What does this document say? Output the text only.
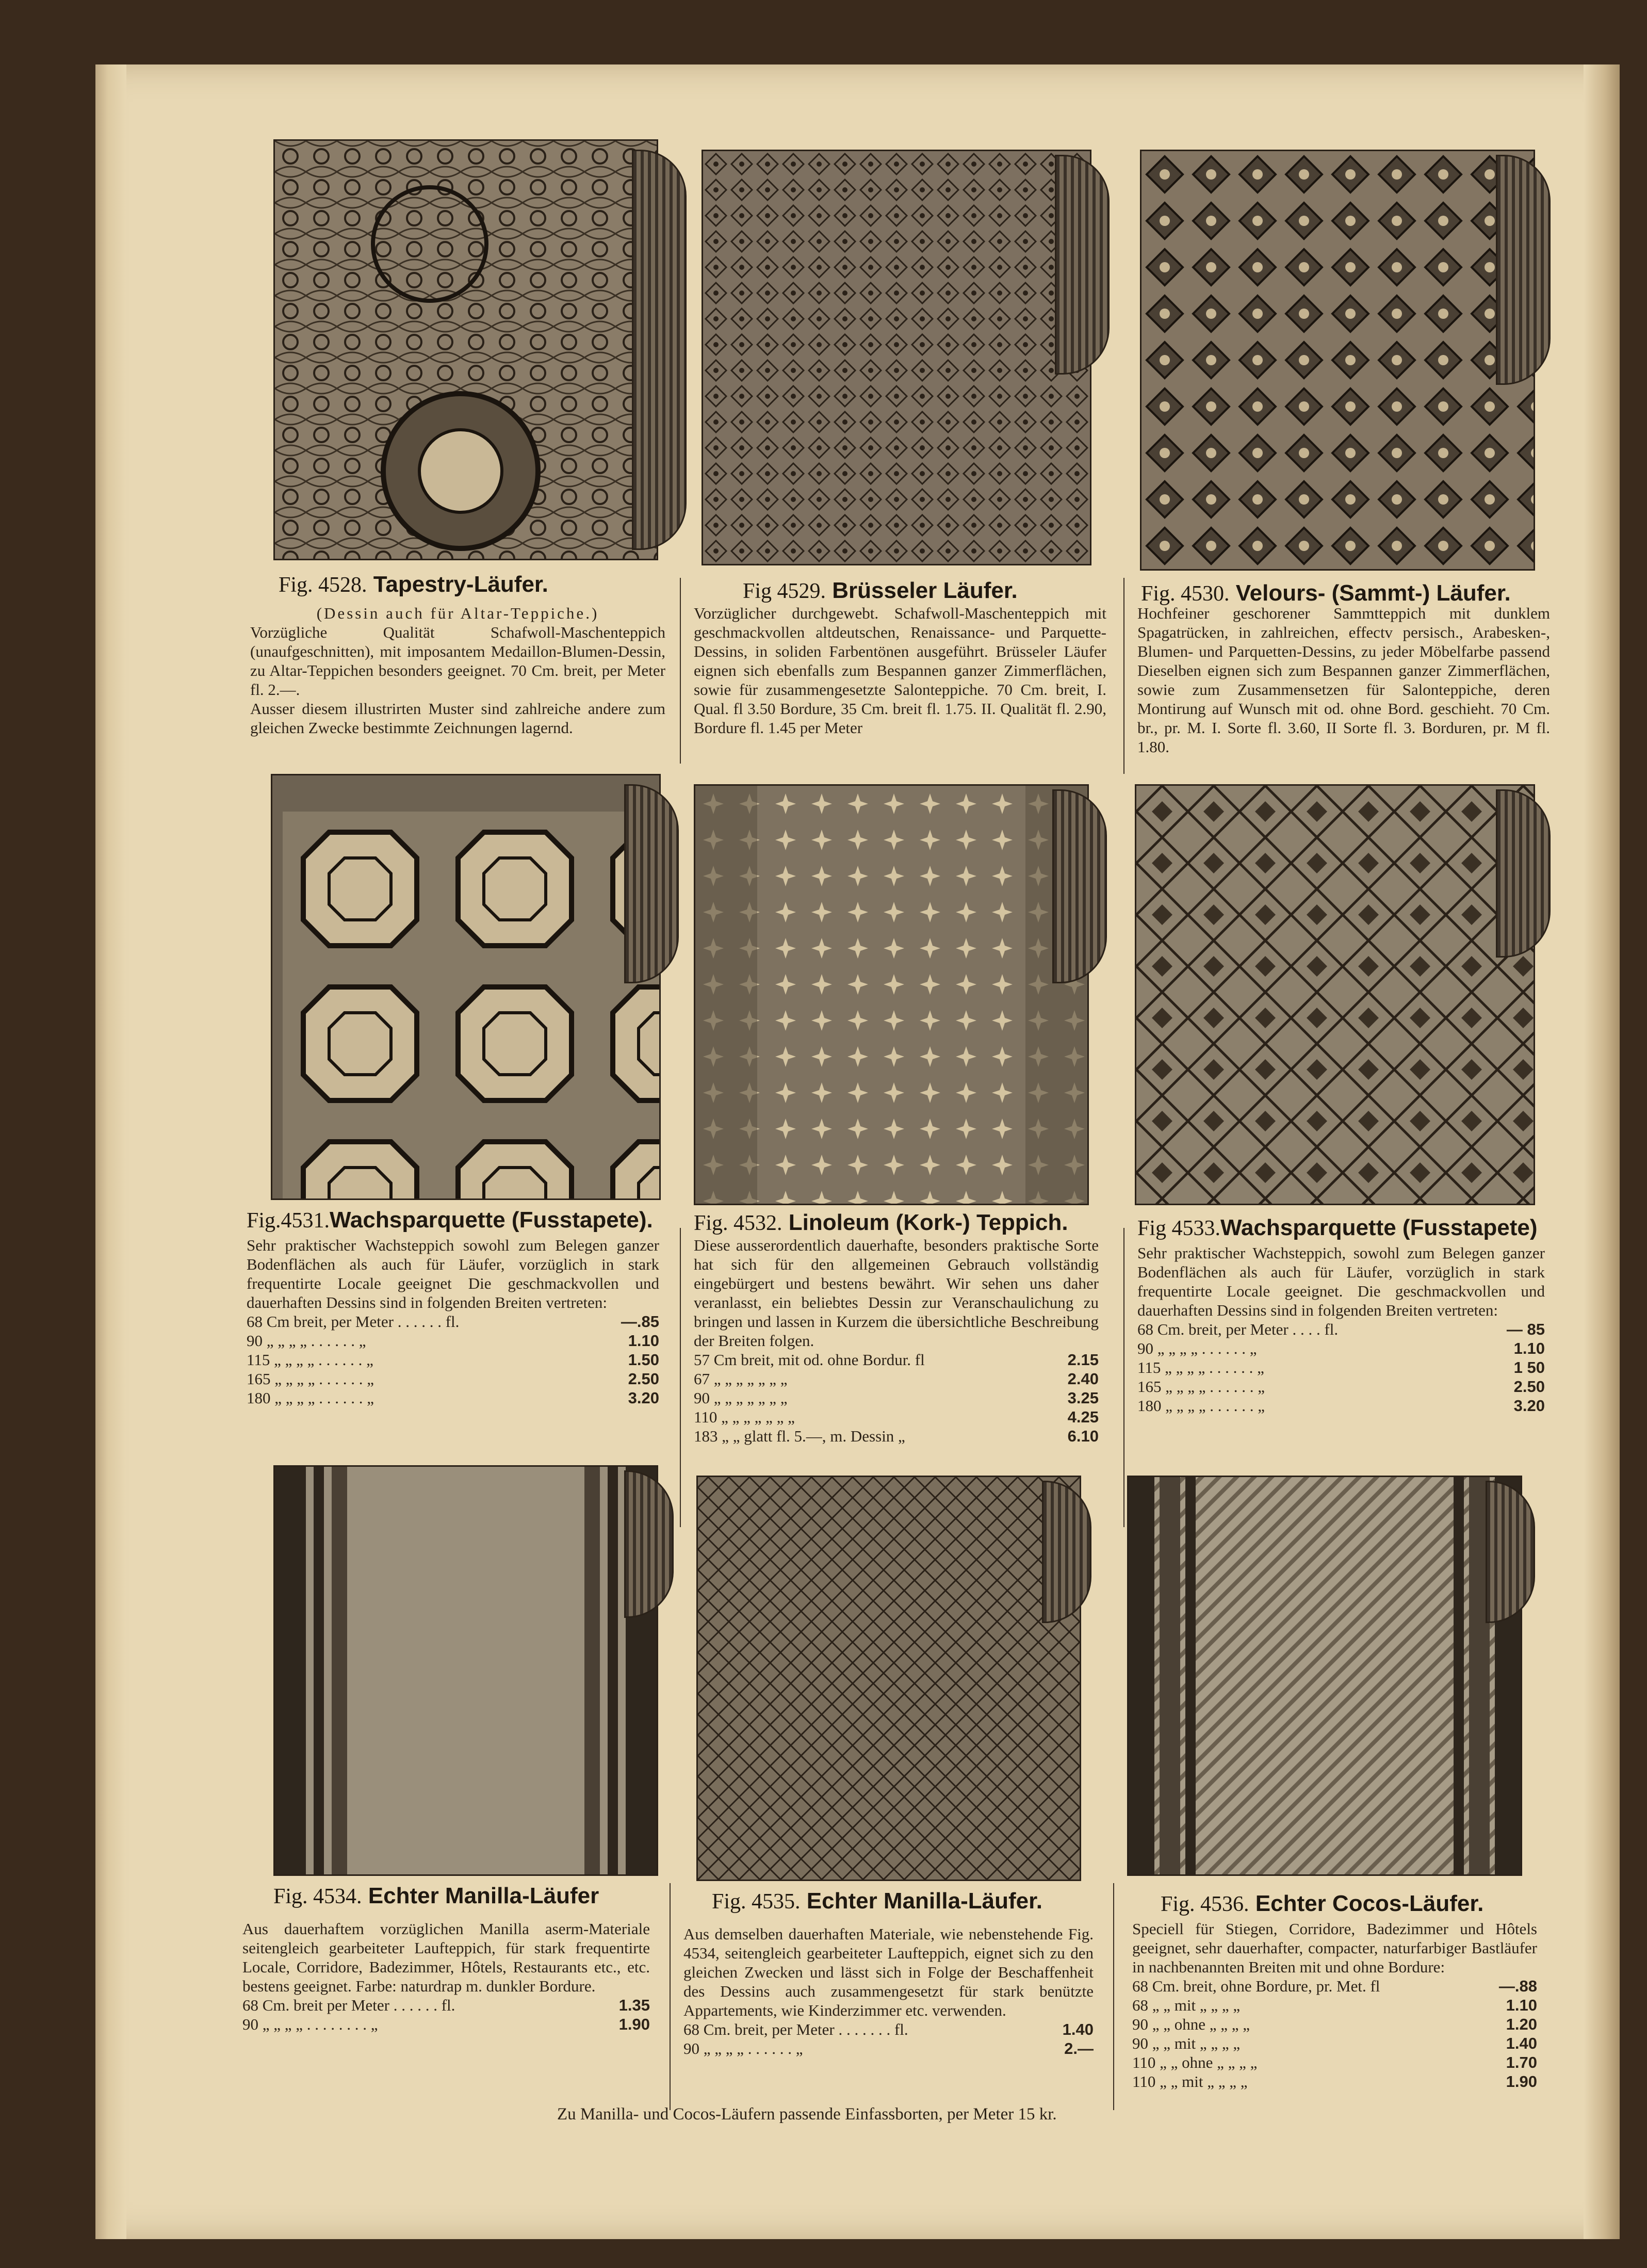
Fig. 4528. Tapestry-Läufer.

(Dessin auch für Altar-Teppiche.)

Vorzügliche Qualität Schafwoll-Maschenteppich (unaufgeschnitten), mit imposantem Medaillon-Blumen-Dessin, zu Altar-Teppichen besonders geeignet. 70 Cm. breit, per Meter fl. 2.—.

Ausser diesem illustrirten Muster sind zahlreiche andere zum gleichen Zwecke bestimmte Zeichnungen lagernd.

Fig 4529. Brüsseler Läufer.

Vorzüglicher durchgewebt. Schafwoll-Maschenteppich mit geschmackvollen altdeutschen, Renaissance- und Parquette-Dessins, in soliden Farbentönen ausgeführt. Brüsseler Läufer eignen sich ebenfalls zum Bespannen ganzer Zimmerflächen, sowie für zusammengesetzte Salonteppiche. 70 Cm. breit, I. Qual. fl 3.50 Bordure, 35 Cm. breit fl. 1.75. II. Qualität fl. 2.90, Bordure fl. 1.45 per Meter

Fig. 4530. Velours- (Sammt-) Läufer.

Hochfeiner geschorener Sammtteppich mit dunklem Spagatrücken, in zahlreichen, effectv persisch., Arabesken-, Blumen- und Parquetten-Dessins, zu jeder Möbelfarbe passend Dieselben eignen sich zum Bespannen ganzer Zimmerflächen, sowie zum Zusammensetzen für Salonteppiche, deren Montirung auf Wunsch mit od. ohne Bord. geschieht. 70 Cm. br., pr. M. I. Sorte fl. 3.60, II Sorte fl. 3. Borduren, pr. M fl. 1.80.

Fig.4531.Wachsparquette (Fusstapete).

Sehr praktischer Wachsteppich sowohl zum Belegen ganzer Bodenflächen als auch für Läufer, vorzüglich in stark frequentirte Locale geeignet Die geschmackvollen und dauerhaften Dessins sind in folgenden Breiten vertreten:

68 Cm breit, per Meter . . . . . . fl.	—.85
90 „ „ „ „ . . . . . . „	1.10
115 „ „ „ „ . . . . . . „	1.50
165 „ „ „ „ . . . . . . „	2.50
180 „ „ „ „ . . . . . . „	3.20
Fig. 4532. Linoleum (Kork-) Teppich.

Diese ausserordentlich dauerhafte, besonders praktische Sorte hat sich für den allgemeinen Gebrauch vollständig eingebürgert und bestens bewährt. Wir sehen uns daher veranlasst, ein beliebtes Dessin zur Veranschaulichung zu bringen und lassen in Kurzem die übersichtliche Beschreibung der Breiten folgen.

57 Cm breit, mit od. ohne Bordur. fl	2.15
67 „ „ „ „ „ „ „	2.40
90 „ „ „ „ „ „ „	3.25
110 „ „ „ „ „ „ „	4.25
183 „ „ glatt fl. 5.—, m. Dessin „	6.10
Fig 4533.Wachsparquette (Fusstapete)

Sehr praktischer Wachsteppich, sowohl zum Belegen ganzer Bodenflächen als auch für Läufer, vorzüglich in stark frequentirte Locale geeignet. Die geschmackvollen und dauerhaften Dessins sind in folgenden Breiten vertreten:

68 Cm. breit, per Meter . . . . fl.	— 85
90 „ „ „ „ . . . . . . „	1.10
115 „ „ „ „ . . . . . . „	1 50
165 „ „ „ „ . . . . . . „	2.50
180 „ „ „ „ . . . . . . „	3.20
Fig. 4534. Echter Manilla-Läufer

Aus dauerhaftem vorzüglichen Manilla aserm-Materiale seitengleich gearbeiteter Laufteppich, für stark frequentirte Locale, Corridore, Badezimmer, Hôtels, Restaurants etc., etc. bestens geeignet. Farbe: naturdrap m. dunkler Bordure.

68 Cm. breit per Meter . . . . . . fl.	1.35
90 „ „ „ „ . . . . . . . . „	1.90
Fig. 4535. Echter Manilla-Läufer.

Aus demselben dauerhaften Materiale, wie nebenstehende Fig. 4534, seitengleich gearbeiteter Laufteppich, eignet sich zu den gleichen Zwecken und lässt sich in Folge der Beschaffenheit des Dessins auch zusammengesetzt für stark benützte Appartements, wie Kinderzimmer etc. verwenden.

68 Cm. breit, per Meter . . . . . . . fl.	1.40
90 „ „ „ „ . . . . . . „	2.—
Fig. 4536. Echter Cocos-Läufer.

Speciell für Stiegen, Corridore, Badezimmer und Hôtels geeignet, sehr dauerhafter, compacter, naturfarbiger Bastläufer in nachbenannten Breiten mit und ohne Bordure:

68 Cm. breit, ohne Bordure, pr. Met. fl	—.88
68 „ „ mit „ „ „ „	1.10
90 „ „ ohne „ „ „ „	1.20
90 „ „ mit „ „ „ „	1.40
110 „ „ ohne „ „ „ „	1.70
110 „ „ mit „ „ „ „	1.90
Zu Manilla- und Cocos-Läufern passende Einfassborten, per Meter 15 kr.
